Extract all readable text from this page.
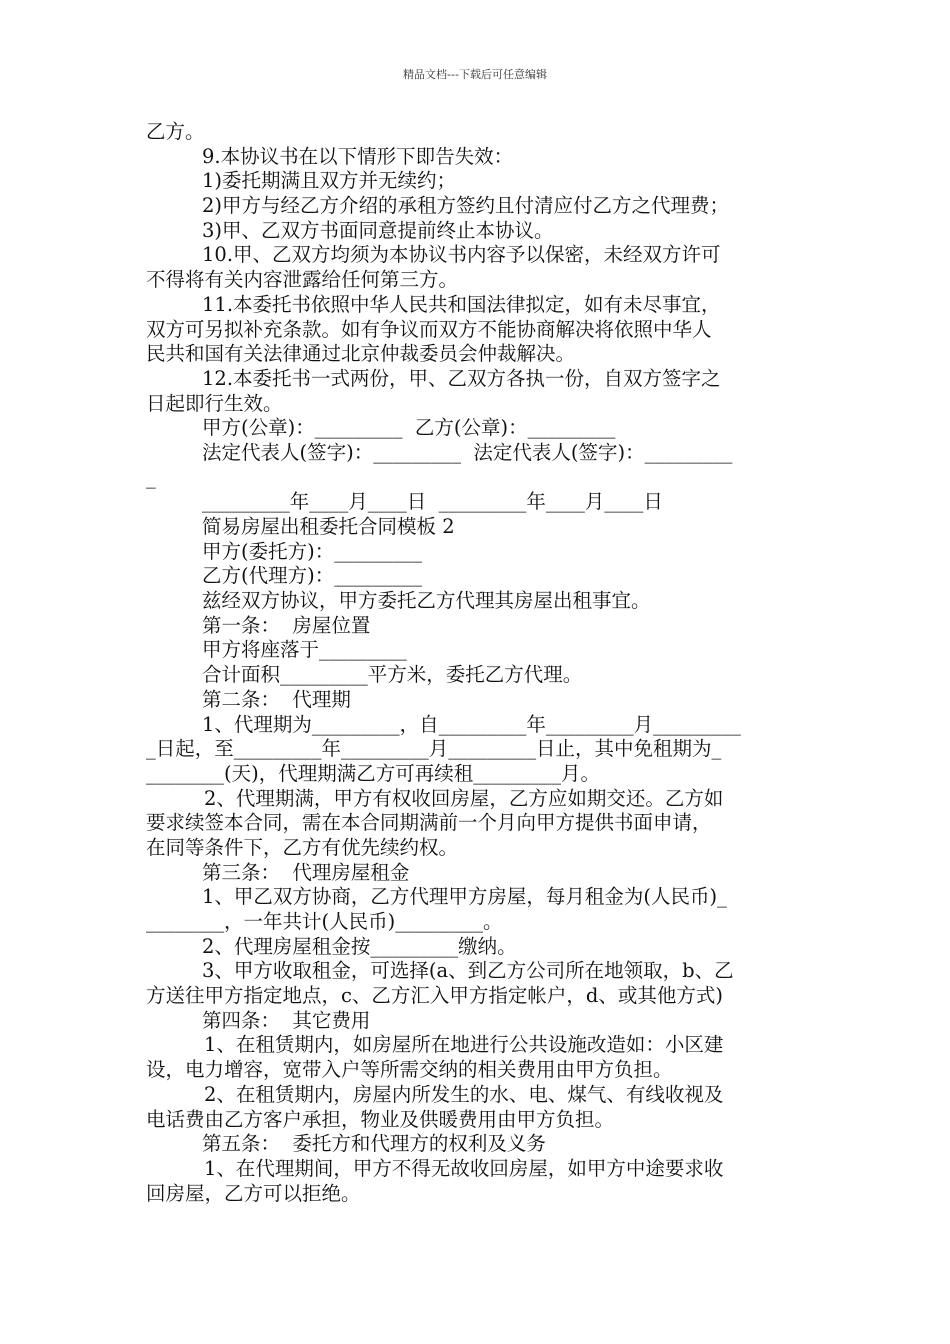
精品文档---下载后可任意编辑
乙方。
9.本协议书在以下情形下即告失效：
1)委托期满且双方并无续约；
2)甲方与经乙方介绍的承租方签约且付清应付乙方之代理费；
3)甲、乙双方书面同意提前终止本协议。
10.甲、乙双方均须为本协议书内容予以保密，未经双方许可
不得将有关内容泄露给任何第三方。
11.本委托书依照中华人民共和国法律拟定，如有未尽事宜，
双方可另拟补充条款。如有争议而双方不能协商解决将依照中华人
民共和国有关法律通过北京仲裁委员会仲裁解决。
12.本委托书一式两份，甲、乙双方各执一份，自双方签字之
日起即行生效。
甲方(公章)：_________  乙方(公章)：_________
法定代表人(签字)：_________  法定代表人(签字)：_________
_
_________年____月____日  _________年____月____日
简易房屋出租委托合同模板 2
甲方(委托方)：_________
乙方(代理方)：_________
兹经双方协议，甲方委托乙方代理其房屋出租事宜。
第一条：  房屋位置
甲方将座落于_________
合计面积_________平方米，委托乙方代理。
第二条：  代理期
1、代理期为_________，自_________年_________月_________
_日起，至_________年_________月_________日止，其中免租期为_
________(天)，代理期满乙方可再续租_________月。
2、代理期满，甲方有权收回房屋，乙方应如期交还。乙方如
要求续签本合同，需在本合同期满前一个月向甲方提供书面申请，
在同等条件下，乙方有优先续约权。
第三条：  代理房屋租金
1、甲乙双方协商，乙方代理甲方房屋，每月租金为(人民币)_
________，一年共计(人民币)_________。
2、代理房屋租金按_________缴纳。
3、甲方收取租金，可选择(a、到乙方公司所在地领取，b、乙
方送往甲方指定地点，c、乙方汇入甲方指定帐户，d、或其他方式)
第四条：  其它费用
1、在租赁期内，如房屋所在地进行公共设施改造如：小区建
设，电力增容，宽带入户等所需交纳的相关费用由甲方负担。
2、在租赁期内，房屋内所发生的水、电、煤气、有线收视及
电话费由乙方客户承担，物业及供暖费用由甲方负担。
第五条：  委托方和代理方的权利及义务
1、在代理期间，甲方不得无故收回房屋，如甲方中途要求收
回房屋，乙方可以拒绝。
